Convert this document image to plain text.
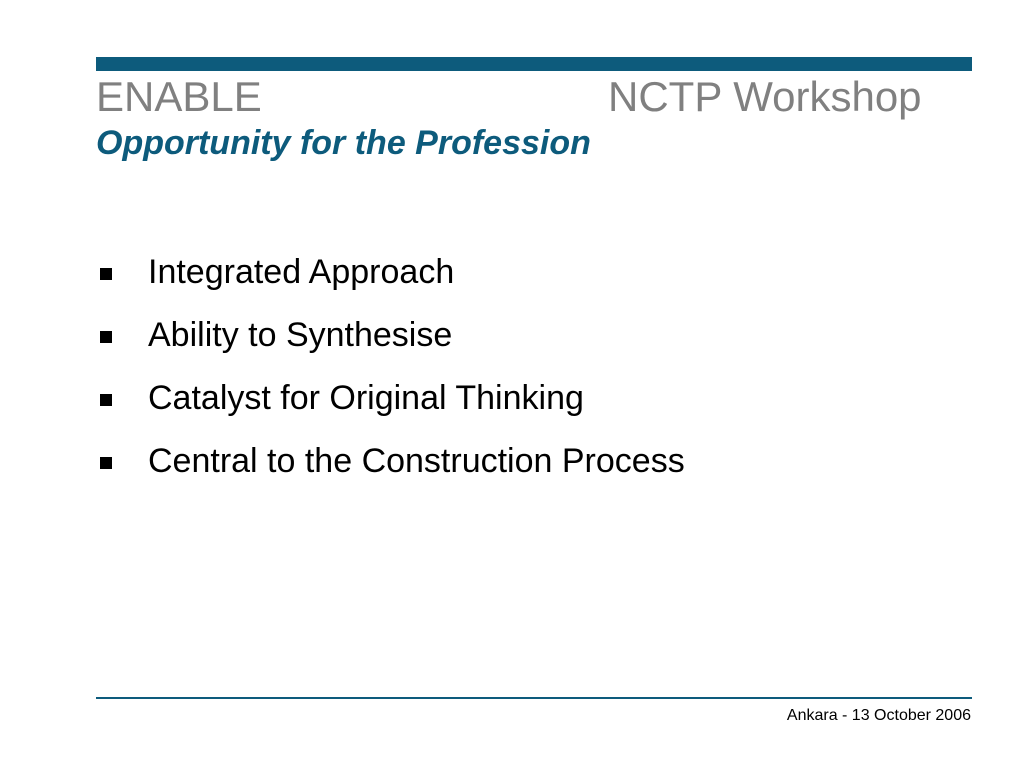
ENABLE	NCTP Workshop
Opportunity for the Profession
Integrated Approach
Ability to Synthesise
Catalyst for Original Thinking
Central to the Construction Process
Ankara - 13 October 2006
